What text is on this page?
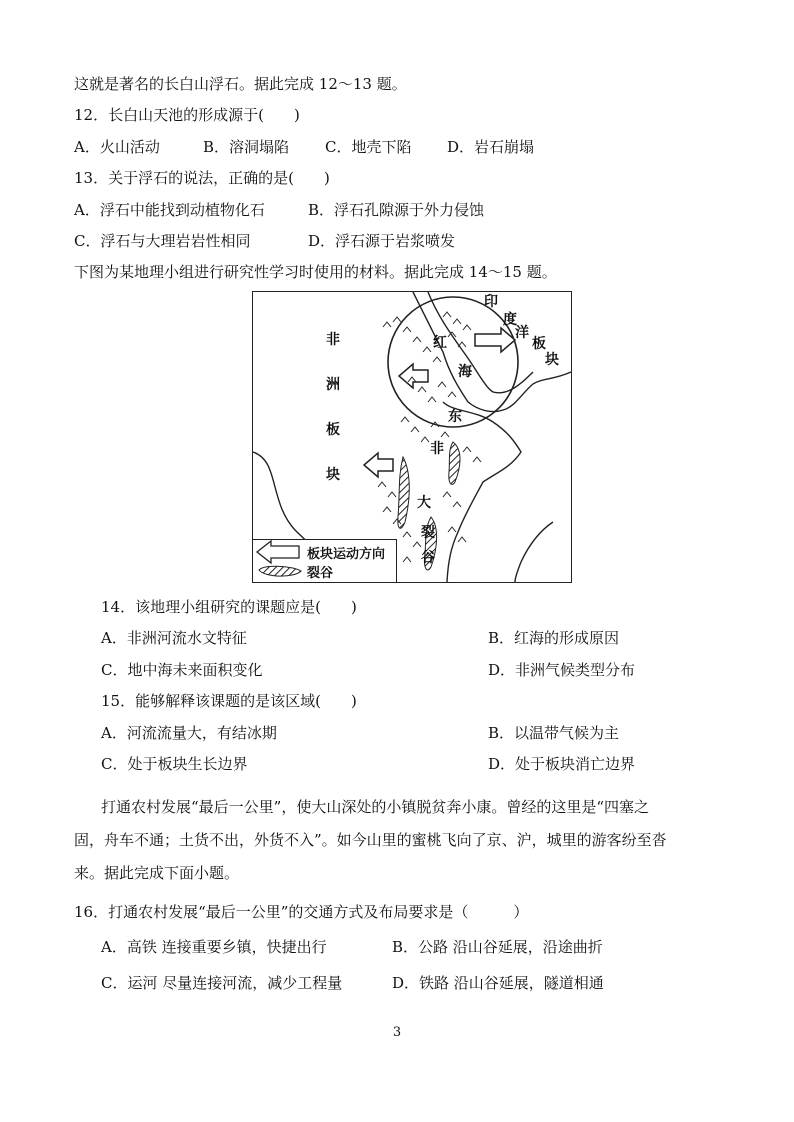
这就是著名的长白山浮石。据此完成 12～13 题。
12．长白山天池的形成源于(　　)
A．火山活动	B．溶洞塌陷 C．地壳下陷 D．岩石崩塌
13．关于浮石的说法，正确的是(　　)
A．浮石中能找到动植物化石	B．浮石孔隙源于外力侵蚀
C．浮石与大理岩岩性相同	D．浮石源于岩浆喷发
下图为某地理小组进行研究性学习时使用的材料。据此完成 14～15 题。
非
洲
板
块
印
度
洋
板
块
红
海
东
非
大
裂
谷
板块运动方向
裂谷
14．该地理小组研究的课题应是(　　)
A．非洲河流水文特征	B．红海的形成原因
C．地中海未来面积变化	D．非洲气候类型分布
15．能够解释该课题的是该区域(　　)
A．河流流量大，有结冰期	B．以温带气候为主
C．处于板块生长边界	D．处于板块消亡边界
打通农村发展“最后一公里”，使大山深处的小镇脱贫奔小康。曾经的这里是“四塞之
固，舟车不通；土货不出，外货不入”。如今山里的蜜桃飞向了京、沪，城里的游客纷至沓
来。据此完成下面小题。
16．打通农村发展“最后一公里”的交通方式及布局要求是（　　　）
A．高铁 连接重要乡镇，快捷出行	B．公路 沿山谷延展，沿途曲折
C．运河 尽量连接河流，减少工程量	D．铁路 沿山谷延展，隧道相通
3
